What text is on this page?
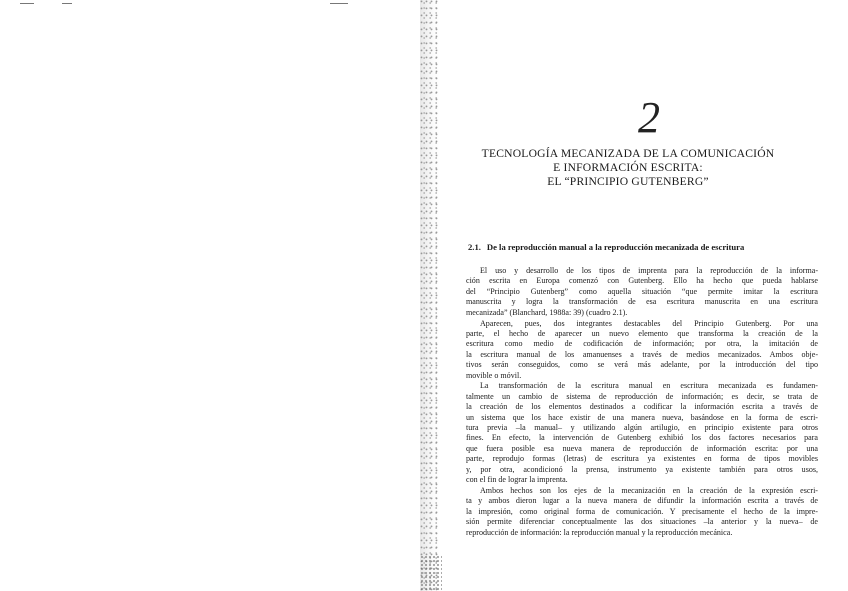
2
TECNOLOGÍA MECANIZADA DE LA COMUNICACIÓN
E INFORMACIÓN ESCRITA:
EL “PRINCIPIO GUTENBERG”
2.1. De la reproducción manual a la reproducción mecanizada de escritura
El uso y desarrollo de los tipos de imprenta para la reproducción de la informa-
ción escrita en Europa comenzó con Gutenberg. Ello ha hecho que pueda hablarse
del “Principio Gutenberg” como aquella situación “que permite imitar la escritura
manuscrita y logra la transformación de esa escritura manuscrita en una escritura
mecanizada” (Blanchard, 1988a: 39) (cuadro 2.1).
Aparecen, pues, dos integrantes destacables del Principio Gutenberg. Por una
parte, el hecho de aparecer un nuevo elemento que transforma la creación de la
escritura como medio de codificación de información; por otra, la imitación de
la escritura manual de los amanuenses a través de medios mecanizados. Ambos obje-
tivos serán conseguidos, como se verá más adelante, por la introducción del tipo
movible o móvil.
La transformación de la escritura manual en escritura mecanizada es fundamen-
talmente un cambio de sistema de reproducción de información; es decir, se trata de
la creación de los elementos destinados a codificar la información escrita a través de
un sistema que los hace existir de una manera nueva, basándose en la forma de escri-
tura previa –la manual– y utilizando algún artilugio, en principio existente para otros
fines. En efecto, la intervención de Gutenberg exhibió los dos factores necesarios para
que fuera posible esa nueva manera de reproducción de información escrita: por una
parte, reprodujo formas (letras) de escritura ya existentes en forma de tipos movibles
y, por otra, acondicionó la prensa, instrumento ya existente también para otros usos,
con el fin de lograr la imprenta.
Ambos hechos son los ejes de la mecanización en la creación de la expresión escri-
ta y ambos dieron lugar a la nueva manera de difundir la información escrita a través de
la impresión, como original forma de comunicación. Y precisamente el hecho de la impre-
sión permite diferenciar conceptualmente las dos situaciones –la anterior y la nueva– de
reproducción de información: la reproducción manual y la reproducción mecánica.
